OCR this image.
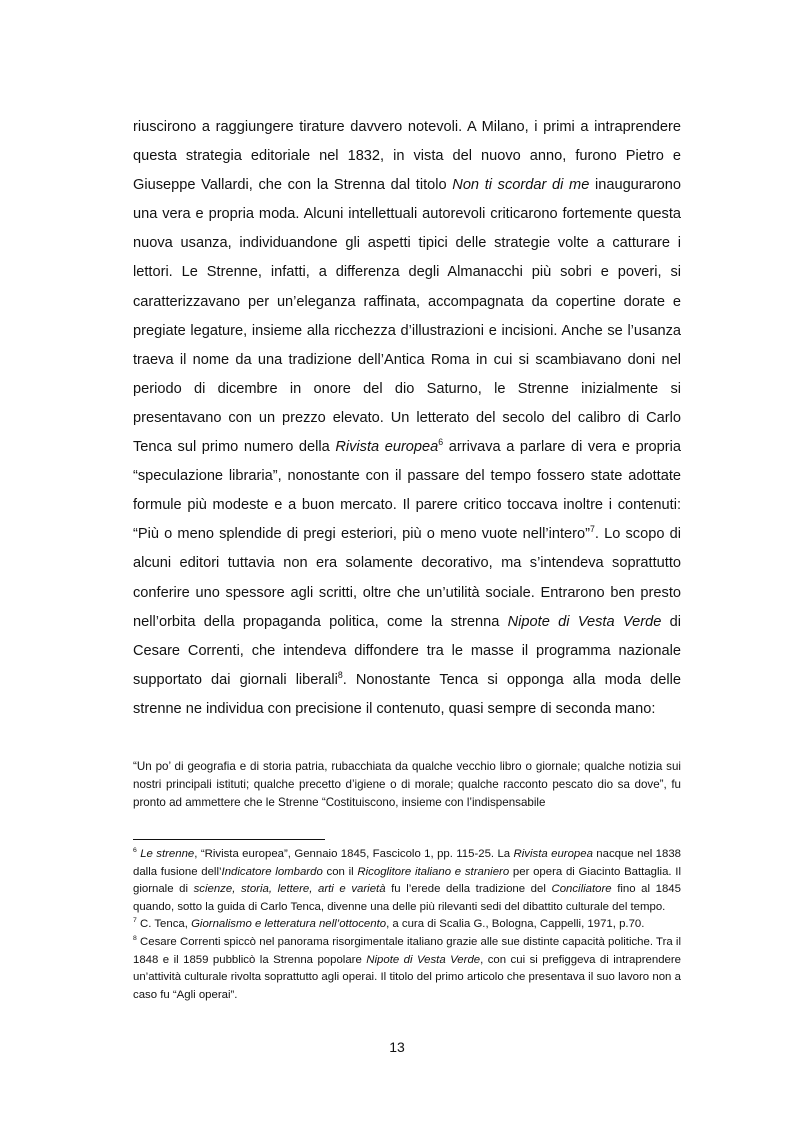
riuscirono a raggiungere tirature davvero notevoli. A Milano, i primi a intraprendere questa strategia editoriale nel 1832, in vista del nuovo anno, furono Pietro e Giuseppe Vallardi, che con la Strenna dal titolo Non ti scordar di me inaugurarono una vera e propria moda. Alcuni intellettuali autorevoli criticarono fortemente questa nuova usanza, individuandone gli aspetti tipici delle strategie volte a catturare i lettori. Le Strenne, infatti, a differenza degli Almanacchi più sobri e poveri, si caratterizzavano per un’eleganza raffinata, accompagnata da copertine dorate e pregiate legature, insieme alla ricchezza d’illustrazioni e incisioni. Anche se l’usanza traeva il nome da una tradizione dell’Antica Roma in cui si scambiavano doni nel periodo di dicembre in onore del dio Saturno, le Strenne inizialmente si presentavano con un prezzo elevato. Un letterato del secolo del calibro di Carlo Tenca sul primo numero della Rivista europea$^6$ arrivava a parlare di vera e propria “speculazione libraria”, nonostante con il passare del tempo fossero state adottate formule più modeste e a buon mercato. Il parere critico toccava inoltre i contenuti: “Più o meno splendide di pregi esteriori, più o meno vuote nell’intero”$^7$. Lo scopo di alcuni editori tuttavia non era solamente decorativo, ma s’intendeva soprattutto conferire uno spessore agli scritti, oltre che un’utilità sociale. Entrarono ben presto nell’orbita della propaganda politica, come la strenna Nipote di Vesta Verde di Cesare Correnti, che intendeva diffondere tra le masse il programma nazionale supportato dai giornali liberali$^8$. Nonostante Tenca si opponga alla moda delle strenne ne individua con precisione il contenuto, quasi sempre di seconda mano:

“Un po’ di geografia e di storia patria, rubacchiata da qualche vecchio libro o giornale; qualche notizia sui nostri principali istituti; qualche precetto d’igiene o di morale; qualche racconto pescato dio sa dove”, fu pronto ad ammettere che le Strenne “Costituiscono, insieme con l’indispensabile

$^6$ Le strenne, “Rivista europea”, Gennaio 1845, Fascicolo 1, pp. 115-25. La Rivista europea nacque nel 1838 dalla fusione dell’Indicatore lombardo con il Ricoglitore italiano e straniero per opera di Giacinto Battaglia. Il giornale di scienze, storia, lettere, arti e varietà fu l’erede della tradizione del Conciliatore fino al 1845 quando, sotto la guida di Carlo Tenca, divenne una delle più rilevanti sedi del dibattito culturale del tempo.

$^7$ C. Tenca, Giornalismo e letteratura nell’ottocento, a cura di Scalia G., Bologna, Cappelli, 1971, p.70.

$^8$ Cesare Correnti spiccò nel panorama risorgimentale italiano grazie alle sue distinte capacità politiche. Tra il 1848 e il 1859 pubblicò la Strenna popolare Nipote di Vesta Verde, con cui si prefiggeva di intraprendere un’attività culturale rivolta soprattutto agli operai. Il titolo del primo articolo che presentava il suo lavoro non a caso fu “Agli operai”.

13
